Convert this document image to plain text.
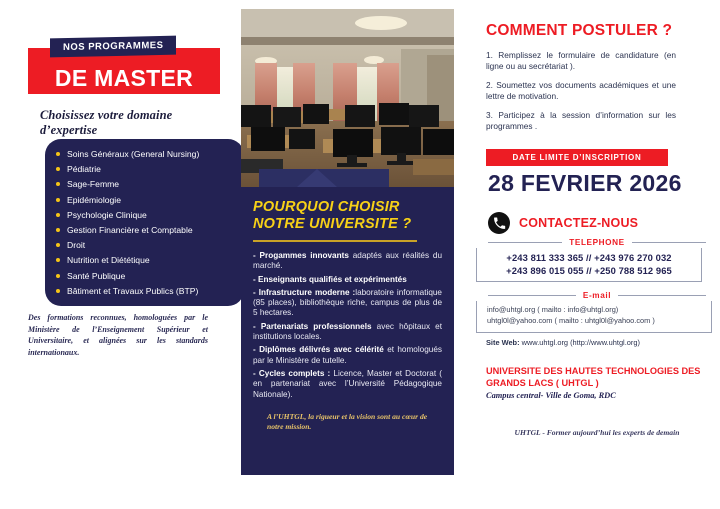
DE MASTER
NOS PROGRAMMES
Choisissez votre domaine d’expertise
Soins Généraux (General Nursing)
Pédiatrie
Sage-Femme
Epidémiologie
Psychologie Clinique
Gestion Financière et Comptable
Droit
Nutrition et Diététique
Santé Publique
Bâtiment et Travaux Publics (BTP)
Des formations reconnues, homologuées par le Ministère de l’Enseignement Supérieur et Universitaire, et alignées sur les standards internationaux.
POURQUOI CHOISIR
NOTRE UNIVERSITE ?
- Progammes innovants adaptés aux réalités du marché.
- Enseignants qualifiés et expérimentés
- Infrastructure moderne :laboratoire informatique (85 places), bibliothèque riche, campus de plus de 5 hectares.
- Partenariats professionnels avec hôpitaux et institutions locales.
- Diplômes délivrés avec célérité et homologués par le Ministère de tutelle.
- Cycles complets : Licence, Master et Doctorat ( en partenariat avec l’Université Pédagogique Nationale).
A l’UHTGL, la rigueur et la vision sont au cœur de notre mission.
COMMENT POSTULER ?

1. Remplissez le formulaire de candidature (en ligne ou au secrétariat ).

2. Soumettez vos documents académiques et une lettre de motivation.

3. Participez à la session d’information sur les programmes .

DATE LIMITE D’INSCRIPTION
28 FEVRIER 2026
CONTACTEZ-NOUS
TELEPHONE

+243 811 333 365 // +243 976 270 032

+243 896 015 055 // +250 788 512 965

E-mail

info@uhtgl.org ( mailto : info@uhtgl.org)

uhtgl0l@yahoo.com ( mailto : uhtgl0l@yahoo.com )

Site Web: www.uhtgl.org (http://www.uhtgl.org)
UNIVERSITE DES HAUTES TECHNOLOGIES DES GRANDS LACS ( UHTGL )
Campus central- Ville de Goma, RDC
UHTGL - Former aujourd’hui les experts de demain
